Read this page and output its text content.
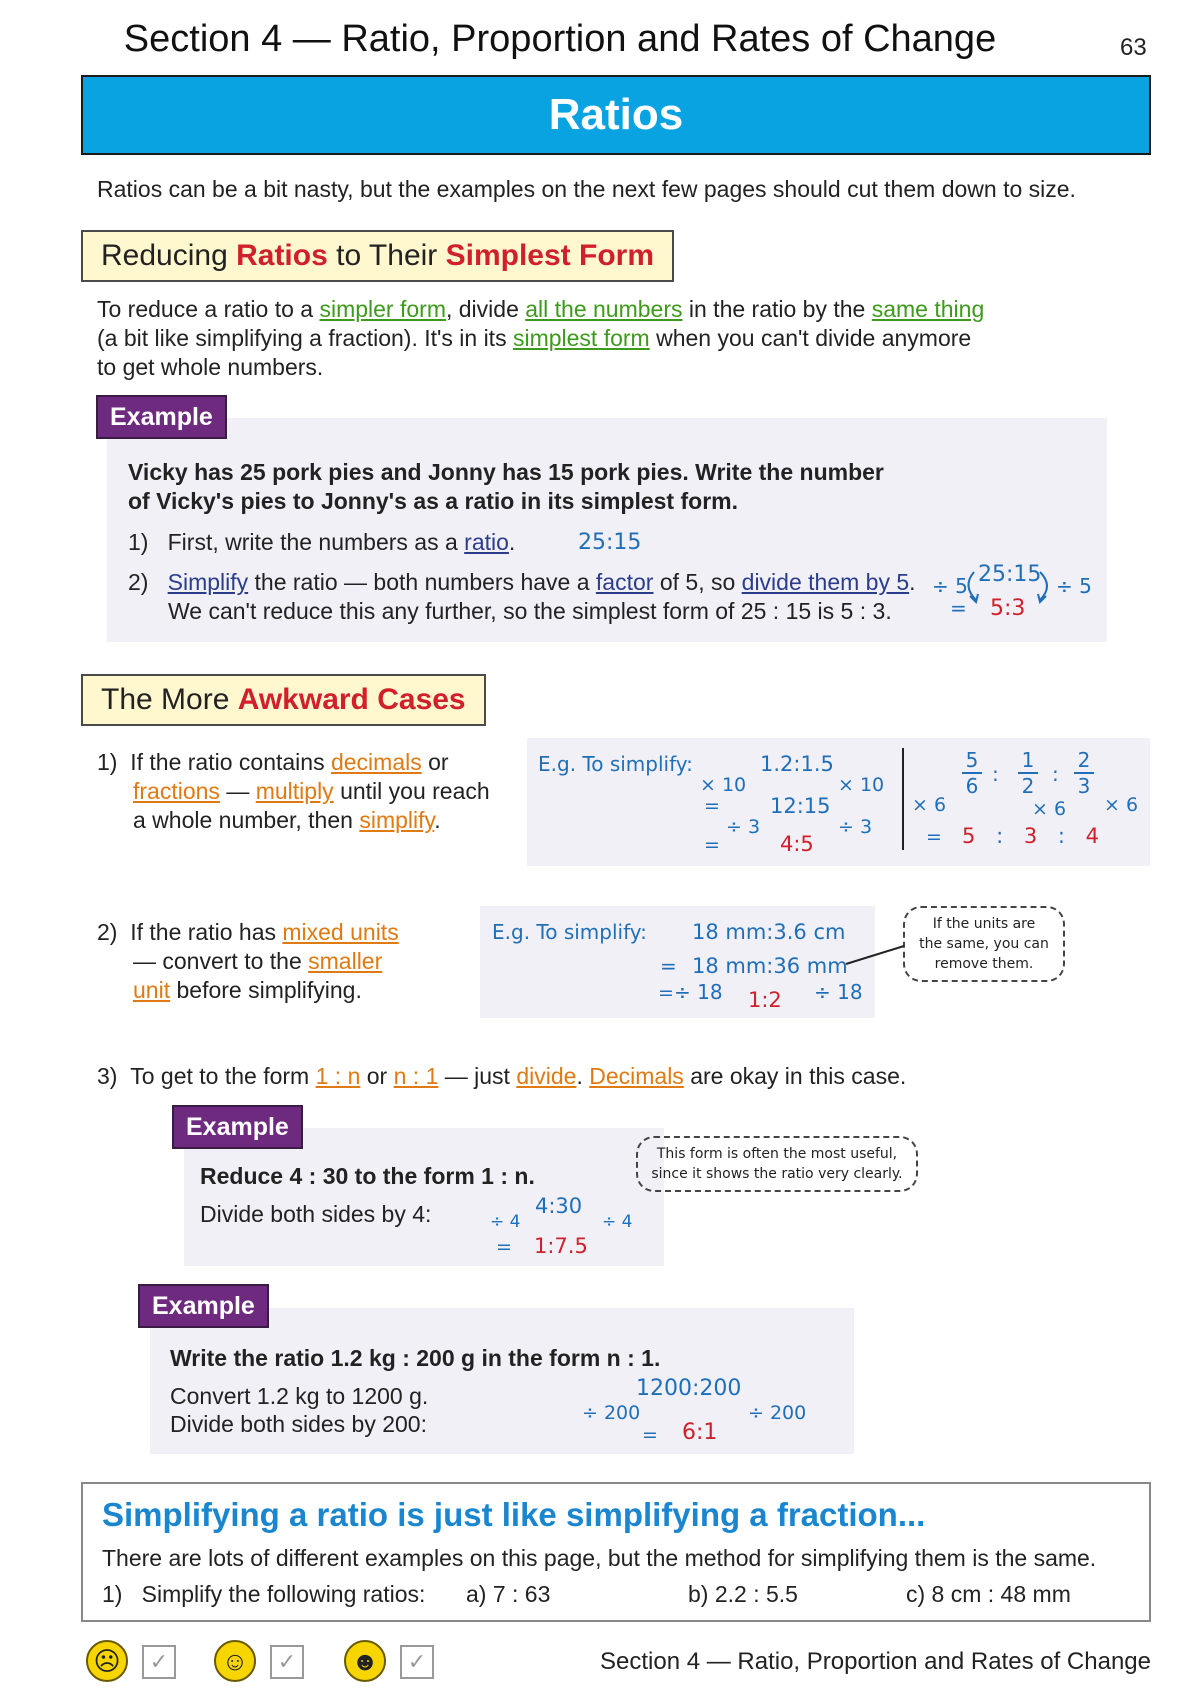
Section 4 — Ratio, Proportion and Rates of Change	63
Ratios
Ratios can be a bit nasty, but the examples on the next few pages should cut them down to size.
Reducing Ratios to Their Simplest Form
To reduce a ratio to a simpler form, divide all the numbers in the ratio by the same thing
(a bit like simplifying a fraction). It's in its simplest form when you can't divide anymore
to get whole numbers.
Example
Vicky has 25 pork pies and Jonny has 15 pork pies. Write the number
of Vicky's pies to Jonny's as a ratio in its simplest form.
1) First, write the numbers as a ratio.	25:15
2) Simplify the ratio — both numbers have a factor of 5, so divide them by 5.
We can't reduce this any further, so the simplest form of 25 : 15 is 5 : 3.
÷ 5 25:15 ÷ 5
= 5:3
The More Awkward Cases
1) If the ratio contains decimals or
fractions — multiply until you reach
a whole number, then simplify.
E.g. To simplify:	1.2:1.5
× 10	× 10
= 12:15
÷ 3	÷ 3
=	4:5
$\frac{5}{6}$ : $\frac{1}{2}$ : $\frac{2}{3}$
× 6	× 6 × 6
= 5 : 3 : 4
2) If the ratio has mixed units
— convert to the smaller
unit before simplifying.
E.g. To simplify: 18 mm:3.6 cm
= 18 mm:36 mm
= ÷ 18 1:2 ÷ 18
If the units are
the same, you can
remove them.
3) To get to the form 1 : n or n : 1 — just divide. Decimals are okay in this case.
Example
Reduce 4 : 30 to the form 1 : n.
Divide both sides by 4:	÷ 4
4:30
÷ 4
= 1:7.5
This form is often the most useful,
since it shows the ratio very clearly.
Example
Write the ratio 1.2 kg : 200 g in the form n : 1.
Convert 1.2 kg to 1200 g.
Divide both sides by 200:
1200:200
÷ 200	÷ 200
= 6:1
Simplifying a ratio is just like simplifying a fraction...
There are lots of different examples on this page, but the method for simplifying them is the same.
1) Simplify the following ratios: a) 7 : 63	b) 2.2 : 5.5	c) 8 cm : 48 mm
☹	✓ ☺	✓ ☻	✓	Section 4 — Ratio, Proportion and Rates of Change
